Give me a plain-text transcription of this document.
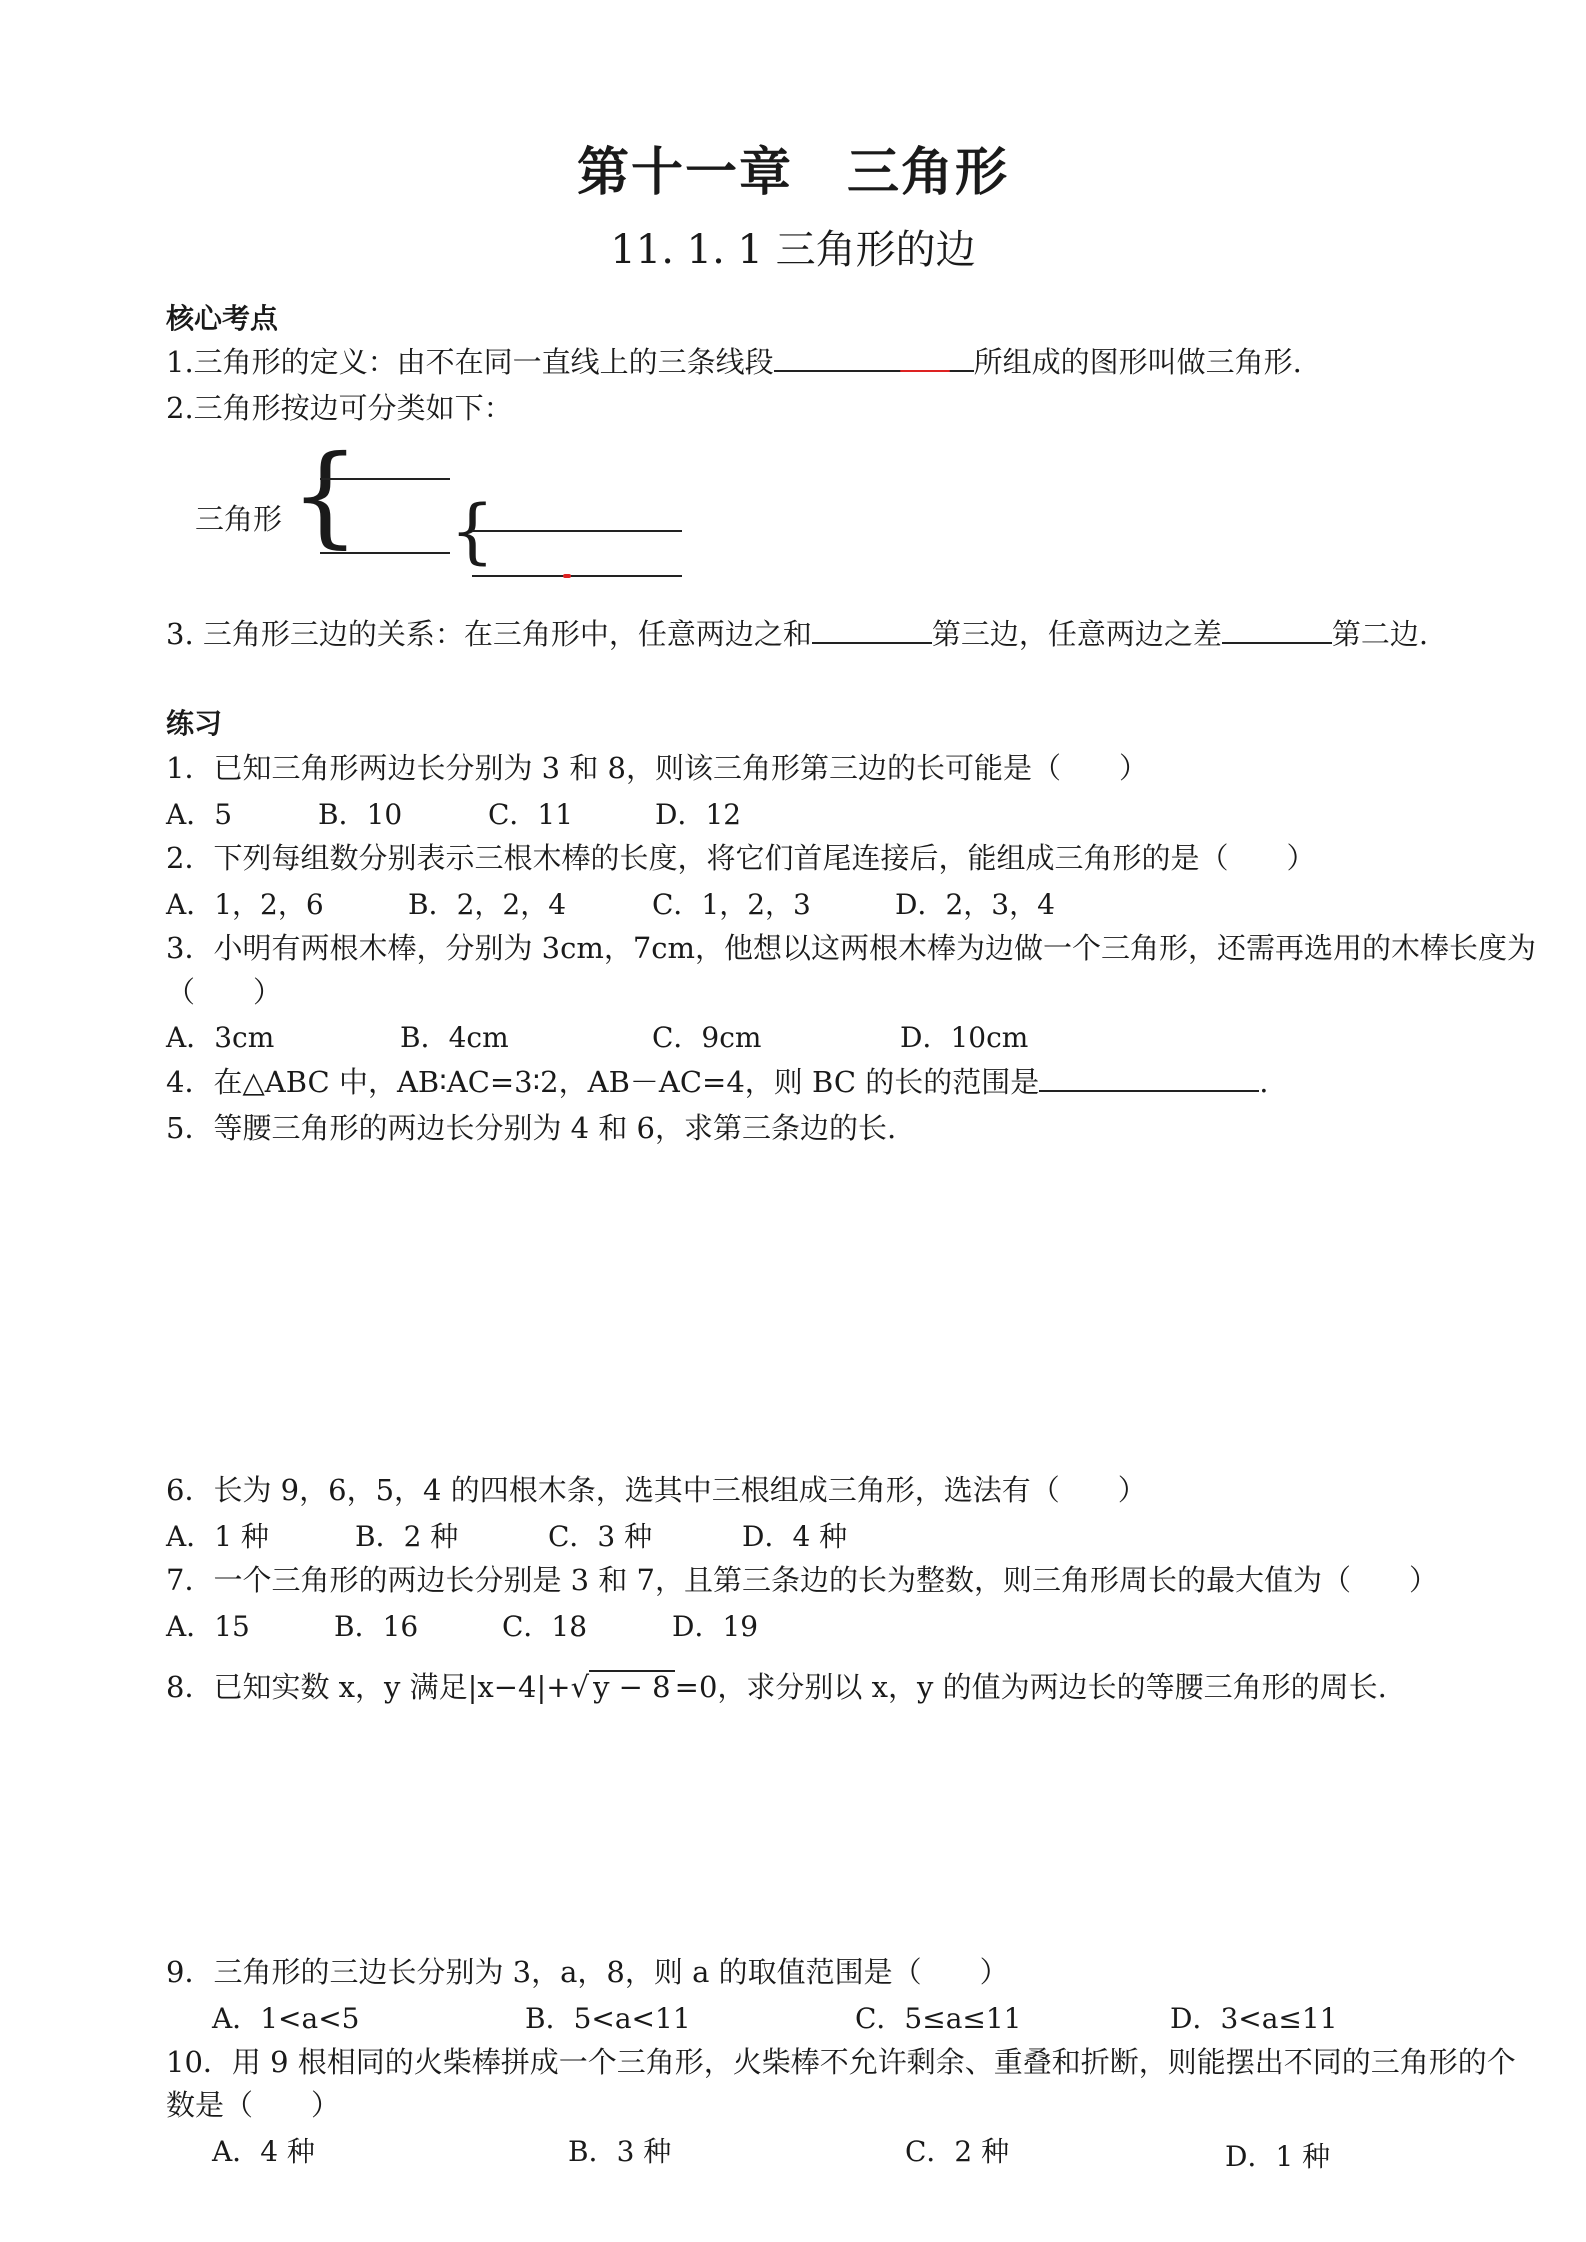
第十一章　三角形
11. 1. 1 三角形的边
核心考点
1.三角形的定义：由不在同一直线上的三条线段	所组成的图形叫做三角形.
2.三角形按边可分类如下：
三角形 { {
3. 三角形三边的关系：在三角形中，任意两边之和	第三边，任意两边之差	第二边.
练习
1．已知三角形两边长分别为 3 和 8，则该三角形第三边的长可能是（　　）
A．5	B．10	C．11	D．12
2．下列每组数分别表示三根木棒的长度，将它们首尾连接后，能组成三角形的是（　　）
A．1，2，6	B．2，2，4	C．1，2，3	D．2，3，4
3．小明有两根木棒，分别为 3cm，7cm，他想以这两根木棒为边做一个三角形，还需再选用的木棒长度为
（　　）
A．3cm	B．4cm	C．9cm	D．10cm
4．在△ABC 中，AB∶AC=3∶2，AB－AC=4，则 BC 的长的范围是	.
5．等腰三角形的两边长分别为 4 和 6，求第三条边的长.
6．长为 9，6，5，4 的四根木条，选其中三根组成三角形，选法有（　　）
A．1 种	B．2 种	C．3 种	D．4 种
7．一个三角形的两边长分别是 3 和 7，且第三条边的长为整数，则三角形周长的最大值为（　　）
A．15	B．16	C．18	D．19
8．已知实数 x，y 满足|x−4|+√ y − 8 =0，求分别以 x，y 的值为两边长的等腰三角形的周长.
9．三角形的三边长分别为 3，a，8，则 a 的取值范围是（　　）
A．1<a<5	B．5<a<11	C．5≤a≤11	D．3<a≤11
10．用 9 根相同的火柴棒拼成一个三角形，火柴棒不允许剩余、重叠和折断，则能摆出不同的三角形的个
数是（　　）
A．4 种	B．3 种	C．2 种	D．1 种
